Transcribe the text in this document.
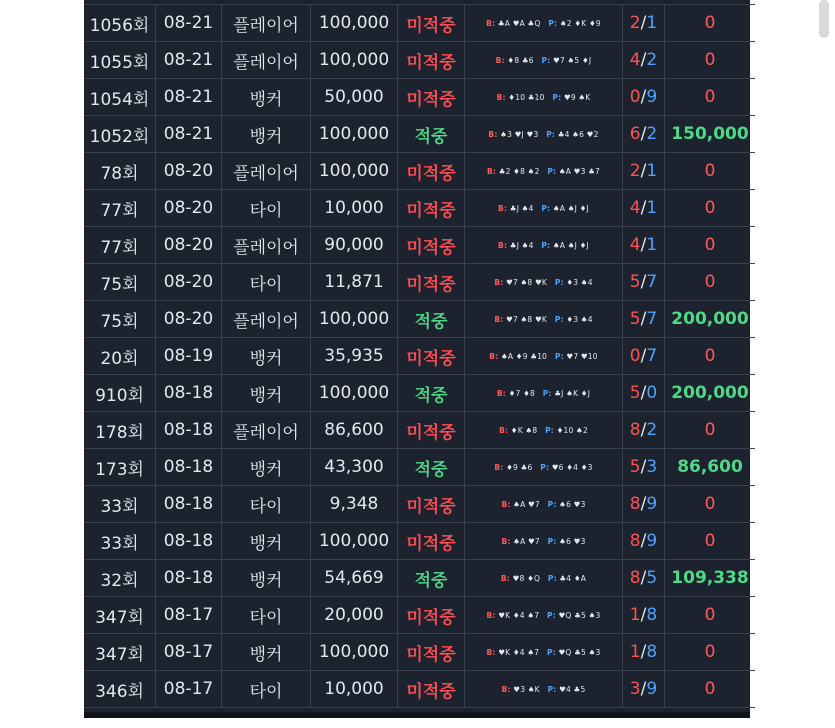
1056회	08-21	플레이어	100,000	미적중	B: ♣A ♥A ♣Q P: ♠2 ♦K ♦9	2/1	0
1055회	08-21	플레이어	100,000	미적중	B: ♦8 ♣6 P: ♥7 ♠5 ♦J	4/2	0
1054회	08-21	뱅커	50,000	미적중	B: ♦10 ♣10 P: ♥9 ♠K	0/9	0
1052회	08-21	뱅커	100,000	적중	B: ♠3 ♥J ♥3 P: ♣4 ♠6 ♥2	6/2	150,000
78회	08-20	플레이어	100,000	미적중	B: ♣2 ♦8 ♠2 P: ♠A ♥3 ♣7	2/1	0
77회	08-20	타이	10,000	미적중	B: ♣J ♠4 P: ♠A ♠J ♦J	4/1	0
77회	08-20	플레이어	90,000	미적중	B: ♣J ♠4 P: ♠A ♠J ♦J	4/1	0
75회	08-20	타이	11,871	미적중	B: ♥7 ♠8 ♥K P: ♦3 ♠4	5/7	0
75회	08-20	플레이어	100,000	적중	B: ♥7 ♠8 ♥K P: ♦3 ♠4	5/7	200,000
20회	08-19	뱅커	35,935	미적중	B: ♠A ♦9 ♣10 P: ♥7 ♥10	0/7	0
910회	08-18	뱅커	100,000	적중	B: ♦7 ♦8 P: ♣J ♠K ♦J	5/0	200,000
178회	08-18	플레이어	86,600	미적중	B: ♦K ♠8 P: ♦10 ♠2	8/2	0
173회	08-18	뱅커	43,300	적중	B: ♦9 ♣6 P: ♥6 ♦4 ♦3	5/3	86,600
33회	08-18	타이	9,348	미적중	B: ♠A ♥7 P: ♠6 ♥3	8/9	0
33회	08-18	뱅커	100,000	미적중	B: ♠A ♥7 P: ♠6 ♥3	8/9	0
32회	08-18	뱅커	54,669	적중	B: ♥8 ♦Q P: ♣4 ♦A	8/5	109,338
347회	08-17	타이	20,000	미적중	B: ♥K ♦4 ♠7 P: ♥Q ♣5 ♠3	1/8	0
347회	08-17	뱅커	100,000	미적중	B: ♥K ♦4 ♠7 P: ♥Q ♣5 ♠3	1/8	0
346회	08-17	타이	10,000	미적중	B: ♥3 ♠K P: ♥4 ♣5	3/9	0
